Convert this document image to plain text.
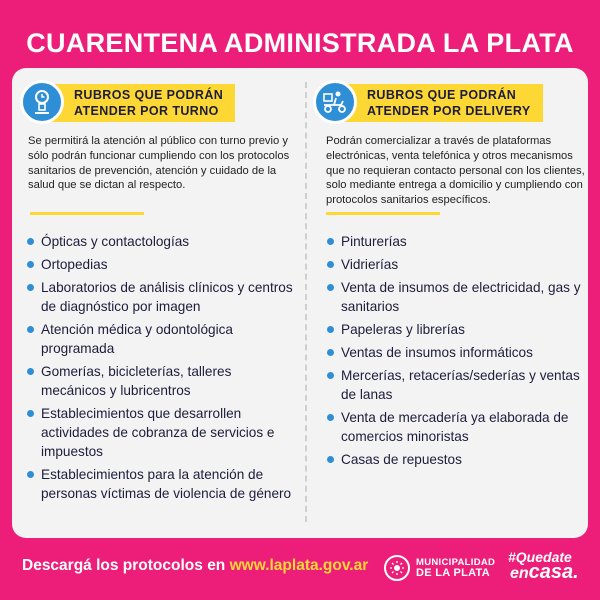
CUARENTENA ADMINISTRADA LA PLATA
RUBROS QUE PODRÁN
ATENDER POR TURNO

Se permitirá la atención al público con turno previo y sólo podrán funcionar cumpliendo con los protocolos sanitarios de prevención, atención y cuidado de la salud que se dictan al respecto.

Ópticas y contactologías
Ortopedias
Laboratorios de análisis clínicos y centros de diagnóstico por imagen
Atención médica y odontológica programada
Gomerías, bicicleterías, talleres mecánicos y lubricentros
Establecimientos que desarrollen actividades de cobranza de servicios e impuestos
Establecimientos para la atención de personas víctimas de violencia de género
RUBROS QUE PODRÁN
ATENDER POR DELIVERY

Podrán comercializar a través de plataformas electrónicas, venta telefónica y otros mecanismos que no requieran contacto personal con los clientes, solo mediante entrega a domicilio y cumpliendo con protocolos sanitarios específicos.

Pinturerías
Vidrierías
Venta de insumos de electricidad, gas y sanitarios
Papeleras y librerías
Ventas de insumos informáticos
Mercerías, retacerías/sederías y ventas de lanas
Venta de mercadería ya elaborada de comercios minoristas
Casas de repuestos
Descargá los protocolos en www.laplata.gov.ar	MUNICIPALIDAD
DE LA PLATA
#Quedate
encasa.
